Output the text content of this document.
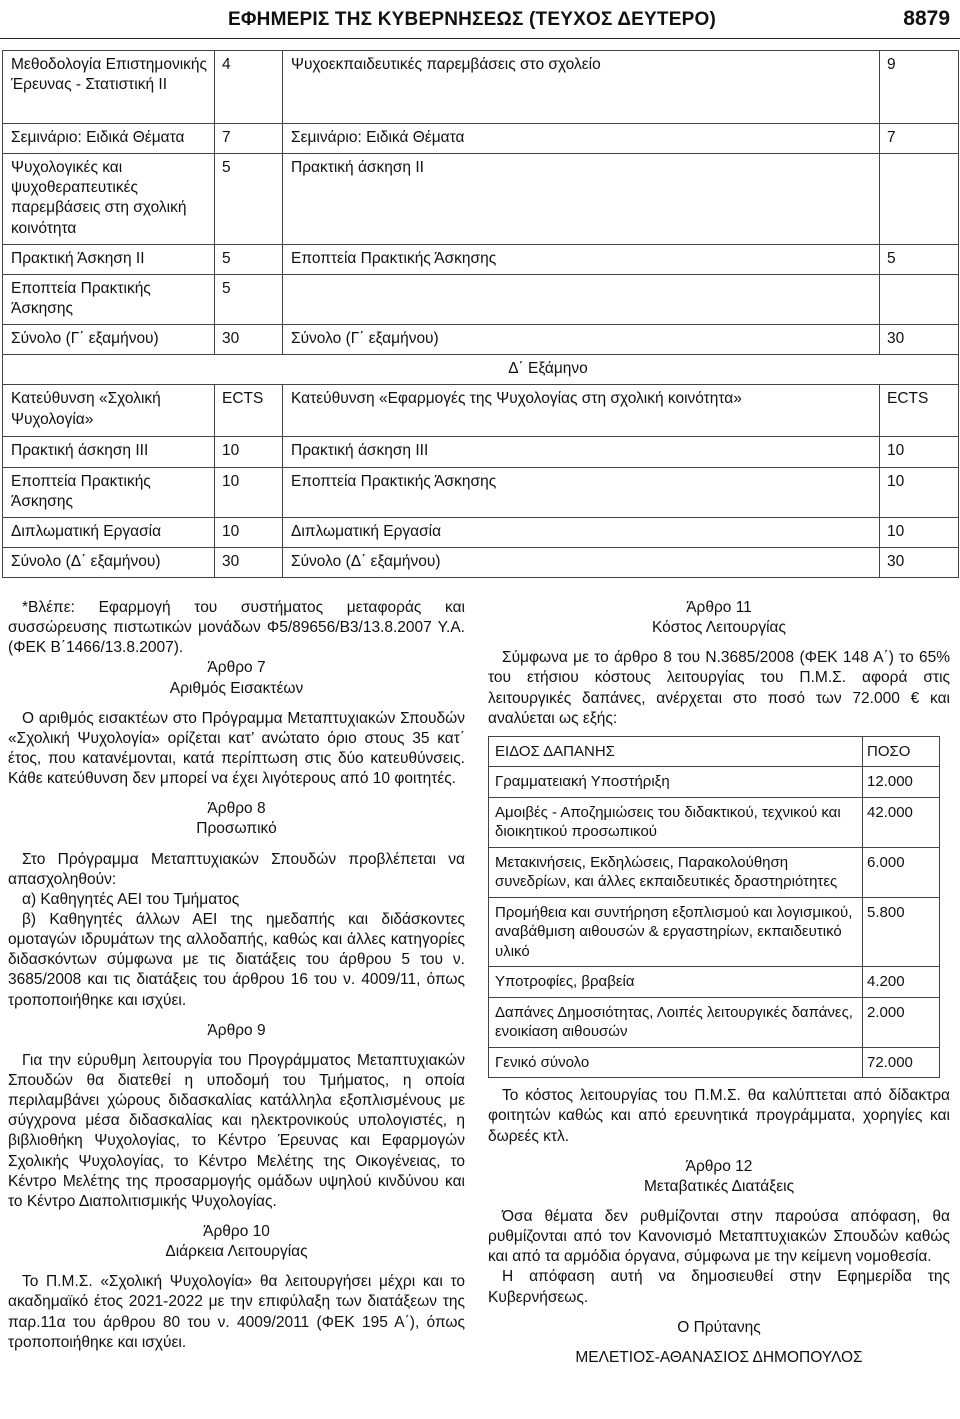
ΕΦΗΜΕΡΙΣ ΤΗΣ ΚΥΒΕΡΝΗΣΕΩΣ (ΤΕΥΧΟΣ ΔΕΥΤΕΡΟ)	8879
Μεθοδολογία Επιστημονικής Έρευνας - Στατιστική ΙΙ	4	Ψυχοεκπαιδευτικές παρεμβάσεις στο σχολείο	9
Σεμινάριο: Ειδικά Θέματα	7	Σεμινάριο: Ειδικά Θέματα	7
Ψυχολογικές και ψυχοθεραπευτικές παρεμβάσεις στη σχολική κοινότητα	5	Πρακτική άσκηση ΙΙ	
Πρακτική Άσκηση ΙΙ	5	Εποπτεία Πρακτικής Άσκησης	5
Εποπτεία Πρακτικής Άσκησης	5		
Σύνολο (Γ΄ εξαμήνου)	30	Σύνολο (Γ΄ εξαμήνου)	30
	Δ΄ Εξάμηνο		
Κατεύθυνση «Σχολική Ψυχολογία»	ECTS	Κατεύθυνση «Εφαρμογές της Ψυχολογίας στη σχολική κοινότητα»	ECTS
Πρακτική άσκηση ΙΙΙ	10	Πρακτική άσκηση ΙΙΙ	10
Εποπτεία Πρακτικής Άσκησης	10	Εποπτεία Πρακτικής Άσκησης	10
Διπλωματική Εργασία	10	Διπλωματική Εργασία	10
Σύνολο (Δ΄ εξαμήνου)	30	Σύνολο (Δ΄ εξαμήνου)	30

*Βλέπε: Εφαρμογή του συστήματος μεταφοράς και συσσώρευσης πιστωτικών μονάδων Φ5/89656/Β3/13.8.2007 Υ.Α. (ΦΕΚ Β΄1466/13.8.2007).

Άρθρο 7

Αριθμός Εισακτέων

Ο αριθμός εισακτέων στο Πρόγραμμα Μεταπτυχιακών Σπουδών «Σχολική Ψυχολογία» ορίζεται κατ’ ανώτατο όριο στους 35 κατ΄ έτος, που κατανέμονται, κατά περίπτωση στις δύο κατευθύνσεις. Κάθε κατεύθυνση δεν μπορεί να έχει λιγότερους από 10 φοιτητές.

Άρθρο 8

Προσωπικό

Στο Πρόγραμμα Μεταπτυχιακών Σπουδών προβλέπεται να απασχοληθούν:

α) Καθηγητές ΑΕΙ του Τμήματος

β) Καθηγητές άλλων ΑΕΙ της ημεδαπής και διδάσκοντες ομοταγών ιδρυμάτων της αλλοδαπής, καθώς και άλλες κατηγορίες διδασκόντων σύμφωνα με τις διατάξεις του άρθρου 5 του ν. 3685/2008 και τις διατάξεις του άρθρου 16 του ν. 4009/11, όπως τροποποιήθηκε και ισχύει.

Άρθρο 9

Για την εύρυθμη λειτουργία του Προγράμματος Μεταπτυχιακών Σπουδών θα διατεθεί η υποδομή του Τμήματος, η οποία περιλαμβάνει χώρους διδασκαλίας κατάλληλα εξοπλισμένους με σύγχρονα μέσα διδασκαλίας και ηλεκτρονικούς υπολογιστές, η βιβλιοθήκη Ψυχολογίας, το Κέντρο Έρευνας και Εφαρμογών Σχολικής Ψυχολογίας, το Κέντρο Μελέτης της Οικογένειας, το Κέντρο Μελέτης της προσαρμογής ομάδων υψηλού κινδύνου και το Κέντρο Διαπολιτισμικής Ψυχολογίας.

Άρθρο 10

Διάρκεια Λειτουργίας

Το Π.Μ.Σ. «Σχολική Ψυχολογία» θα λειτουργήσει μέχρι και το ακαδημαϊκό έτος 2021-2022 με την επιφύλαξη των διατάξεων της παρ.11α του άρθρου 80 του ν. 4009/2011 (ΦΕΚ 195 Α΄), όπως τροποποιήθηκε και ισχύει.

Άρθρο 11

Κόστος Λειτουργίας

Σύμφωνα με το άρθρο 8 του Ν.3685/2008 (ΦΕΚ 148 Α΄) το 65% του ετήσιου κόστους λειτουργίας του Π.Μ.Σ. αφορά στις λειτουργικές δαπάνες, ανέρχεται στο ποσό των 72.000 € και αναλύεται ως εξής:

ΕΙΔΟΣ ΔΑΠΑΝΗΣ	ΠΟΣΟ
Γραμματειακή Υποστήριξη	12.000
Αμοιβές - Αποζημιώσεις του διδακτικού, τεχνικού και διοικητικού προσωπικού	42.000
Μετακινήσεις, Εκδηλώσεις, Παρακολούθηση συνεδρίων, και άλλες εκπαιδευτικές δραστηριότητες	6.000
Προμήθεια και συντήρηση εξοπλισμού και λογισμικού, αναβάθμιση αιθουσών & εργαστηρίων, εκπαιδευτικό υλικό	5.800
Υποτροφίες, βραβεία	4.200
Δαπάνες Δημοσιότητας, Λοιπές λειτουργικές δαπάνες, ενοικίαση αιθουσών	2.000
Γενικό σύνολο	72.000

Το κόστος λειτουργίας του Π.Μ.Σ. θα καλύπτεται από δίδακτρα φοιτητών καθώς και από ερευνητικά προγράμματα, χορηγίες και δωρεές κτλ.

Άρθρο 12

Μεταβατικές Διατάξεις

Όσα θέματα δεν ρυθμίζονται στην παρούσα απόφαση, θα ρυθμίζονται από τον Κανονισμό Μεταπτυχιακών Σπουδών καθώς και από τα αρμόδια όργανα, σύμφωνα με την κείμενη νομοθεσία.

Η απόφαση αυτή να δημοσιευθεί στην Εφημερίδα της Κυβερνήσεως.

Ο Πρύτανης

ΜΕΛΕΤΙΟΣ-ΑΘΑΝΑΣΙΟΣ ΔΗΜΟΠΟΥΛΟΣ
